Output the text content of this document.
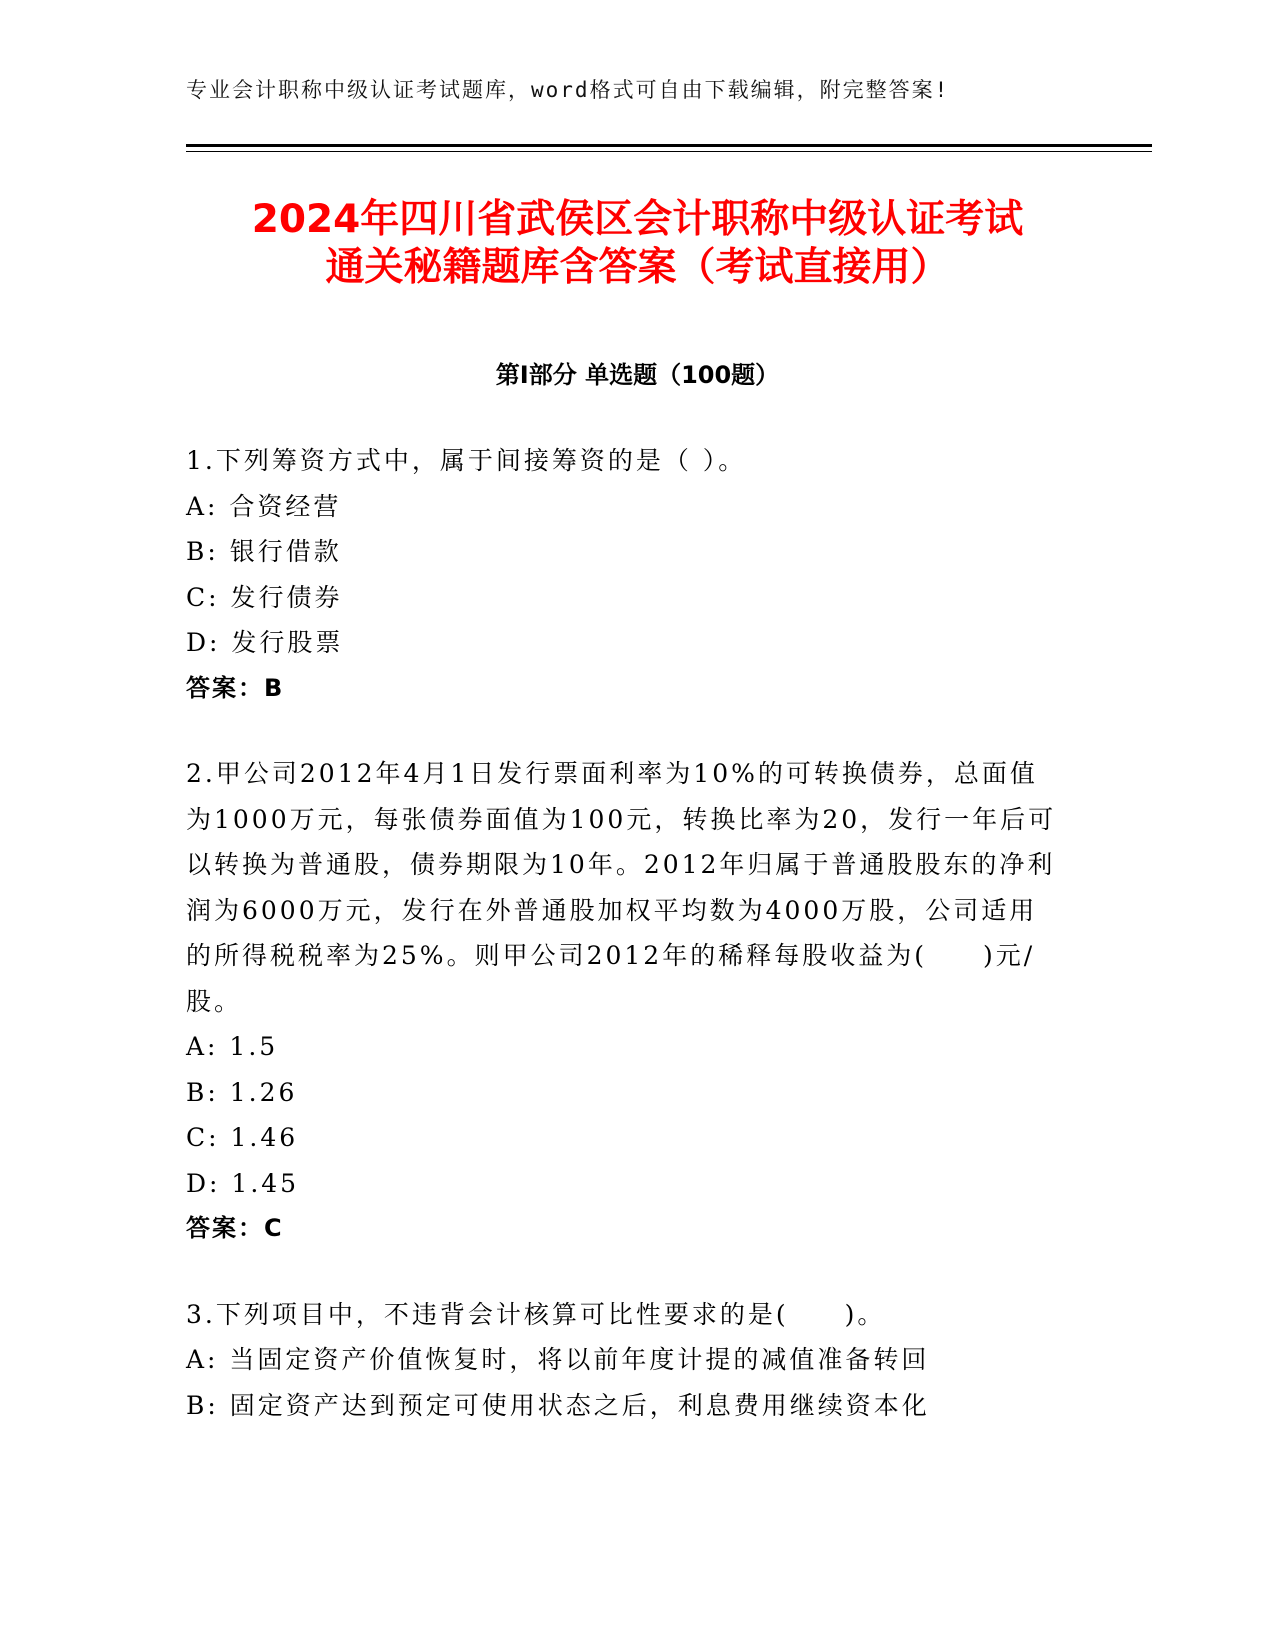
专业会计职称中级认证考试题库，word格式可自由下载编辑，附完整答案!
2024年四川省武侯区会计职称中级认证考试
通关秘籍题库含答案（考试直接用）
第Ⅰ部分 单选题（100题）
1.下列筹资方式中，属于间接筹资的是（ ）。
A: 合资经营
B: 银行借款
C: 发行债券
D: 发行股票
答案：B
2.甲公司2012年4月1日发行票面利率为10%的可转换债券，总面值
为1000万元，每张债券面值为100元，转换比率为20，发行一年后可
以转换为普通股，债券期限为10年。2012年归属于普通股股东的净利
润为6000万元，发行在外普通股加权平均数为4000万股，公司适用
的所得税税率为25%。则甲公司2012年的稀释每股收益为(　　)元/
股。
A: 1.5
B: 1.26
C: 1.46
D: 1.45
答案：C
3.下列项目中，不违背会计核算可比性要求的是(　　)。
A: 当固定资产价值恢复时，将以前年度计提的减值准备转回
B: 固定资产达到预定可使用状态之后，利息费用继续资本化
